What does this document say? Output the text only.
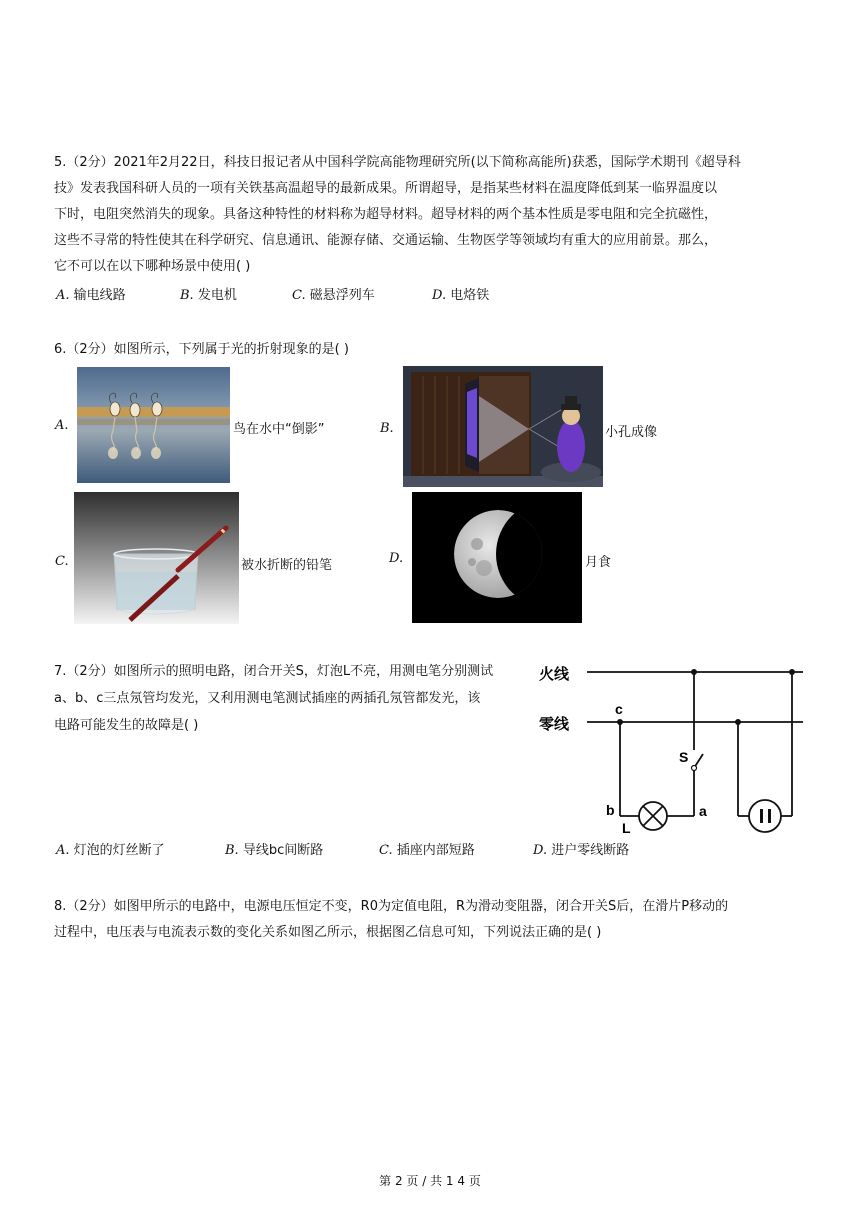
5.（2分）2021年2月22日，科技日报记者从中国科学院高能物理研究所(以下简称高能所)获悉，国际学术期刊《超导科
技》发表我国科研人员的一项有关铁基高温超导的最新成果。所谓超导，是指某些材料在温度降低到某一临界温度以
下时，电阻突然消失的现象。具备这种特性的材料称为超导材料。超导材料的两个基本性质是零电阻和完全抗磁性，
这些不寻常的特性使其在科学研究、信息通讯、能源存储、交通运输、生物医学等领域均有重大的应用前景。那么，
它不可以在以下哪种场景中使用( )
A. 输电线路	B. 发电机	C. 磁悬浮列车	D. 电烙铁
6.（2分）如图所示，下列属于光的折射现象的是( )
A.	鸟在水中“倒影”	B.	小孔成像
C.	被水折断的铅笔	D.	月食
7.（2分）如图所示的照明电路，闭合开关S，灯泡L不亮，用测电笔分别测试
a、b、c三点氖管均发光，又利用测电笔测试插座的两插孔氖管都发光，该
电路可能发生的故障是( )
火线
零线
c
b	a
S
L
A. 灯泡的灯丝断了	B. 导线bc间断路	C. 插座内部短路	D. 进户零线断路
8.（2分）如图甲所示的电路中，电源电压恒定不变，R0为定值电阻，R为滑动变阻器，闭合开关S后，在滑片P移动的
过程中，电压表与电流表示数的变化关系如图乙所示，根据图乙信息可知，下列说法正确的是( )
第 2 页 / 共 1 4 页
